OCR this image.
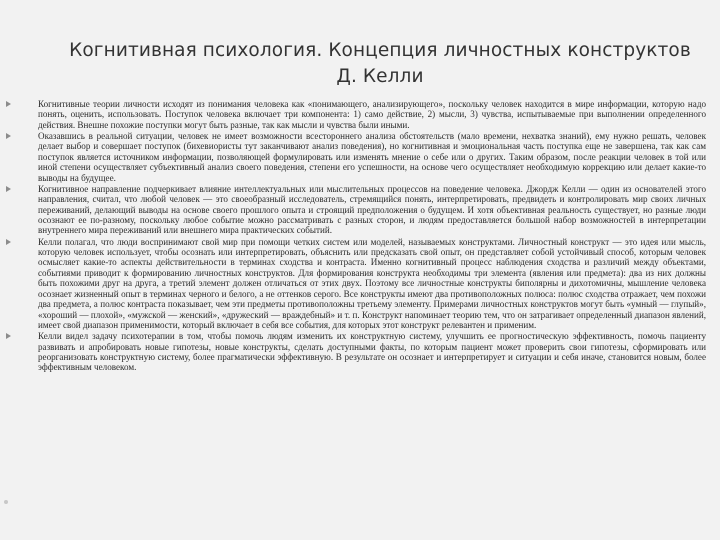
Когнитивная психология. Концепция личностных конструктов
Д. Келли

Когнитивные теории личности исходят из понимания человека как «понимающего, анализирующего», поскольку человек находится в мире информации, которую надо понять, оценить, использовать. Поступок человека включает три компонента: 1) само действие, 2) мысли, 3) чувства, испытываемые при выполнении определенного действия. Внешне похожие поступки могут быть разные, так как мысли и чувства были иными.

Оказавшись в реальной ситуации, человек не имеет возможности всестороннего анализа обстоятельств (мало времени, нехватка знаний), ему нужно решать, человек делает выбор и совершает поступок (бихевиористы тут заканчивают анализ поведения), но когнитивная и эмоциональная часть поступка еще не завершена, так как сам поступок является источником информации, позволяющей формулировать или изменять мнение о себе или о других. Таким образом, после реакции человек в той или иной степени осуществляет субъективный анализ своего поведения, степени его успешности, на основе чего осуществляет необходимую коррекцию или делает какие-то выводы на будущее.

Когнитивное направление подчеркивает влияние интеллектуальных или мыслительных процессов на поведение человека. Джордж Келли — один из основателей этого направления, считал, что любой человек — это своеобразный исследователь, стремящийся понять, интерпретировать, предвидеть и контролировать мир своих личных переживаний, делающий выводы на основе своего прошлого опыта и строящий предположения о будущем. И хотя объективная реальность существует, но разные люди осознают ее по-разному, поскольку любое событие можно рассматривать с разных сторон, и людям предоставляется большой набор возможностей в интерпретации внутреннего мира переживаний или внешнего мира практических событий.

Келли полагал, что люди воспринимают свой мир при помощи четких систем или моделей, называемых конструктами. Личностный конструкт — это идея или мысль, которую человек использует, чтобы осознать или интерпретировать, объяснить или предсказать свой опыт, он представляет собой устойчивый способ, которым человек осмысляет какие-то аспекты действительности в терминах сходства и контраста. Именно когнитивный процесс наблюдения сходства и различий между объектами, событиями приводит к формированию личностных конструктов. Для формирования конструкта необходимы три элемента (явления или предмета): два из них должны быть похожими друг на друга, а третий элемент должен отличаться от этих двух. Поэтому все личностные конструкты биполярны и дихотомичны, мышление человека осознает жизненный опыт в терминах черного и белого, а не оттенков серого. Все конструкты имеют два противоположных полюса: полюс сходства отражает, чем похожи два предмета, а полюс контраста показывает, чем эти предметы противоположны третьему элементу. Примерами личностных конструктов могут быть «умный — глупый», «хороший — плохой», «мужской — женский», «дружеский — враждебный» и т. п. Конструкт напоминает теорию тем, что он затрагивает определенный диапазон явлений, имеет свой диапазон применимости, который включает в себя все события, для которых этот конструкт релевантен и применим.

Келли видел задачу психотерапии в том, чтобы помочь людям изменить их конструктную систему, улучшить ее прогностическую эффективность, помочь пациенту развивать и апробировать новые гипотезы, новые конструкты, сделать доступными факты, по которым пациент может проверить свои гипотезы, сформировать или реорганизовать конструктную систему, более прагматически эффективную. В результате он осознает и интерпретирует и ситуации и себя иначе, становится новым, более эффективным человеком.
